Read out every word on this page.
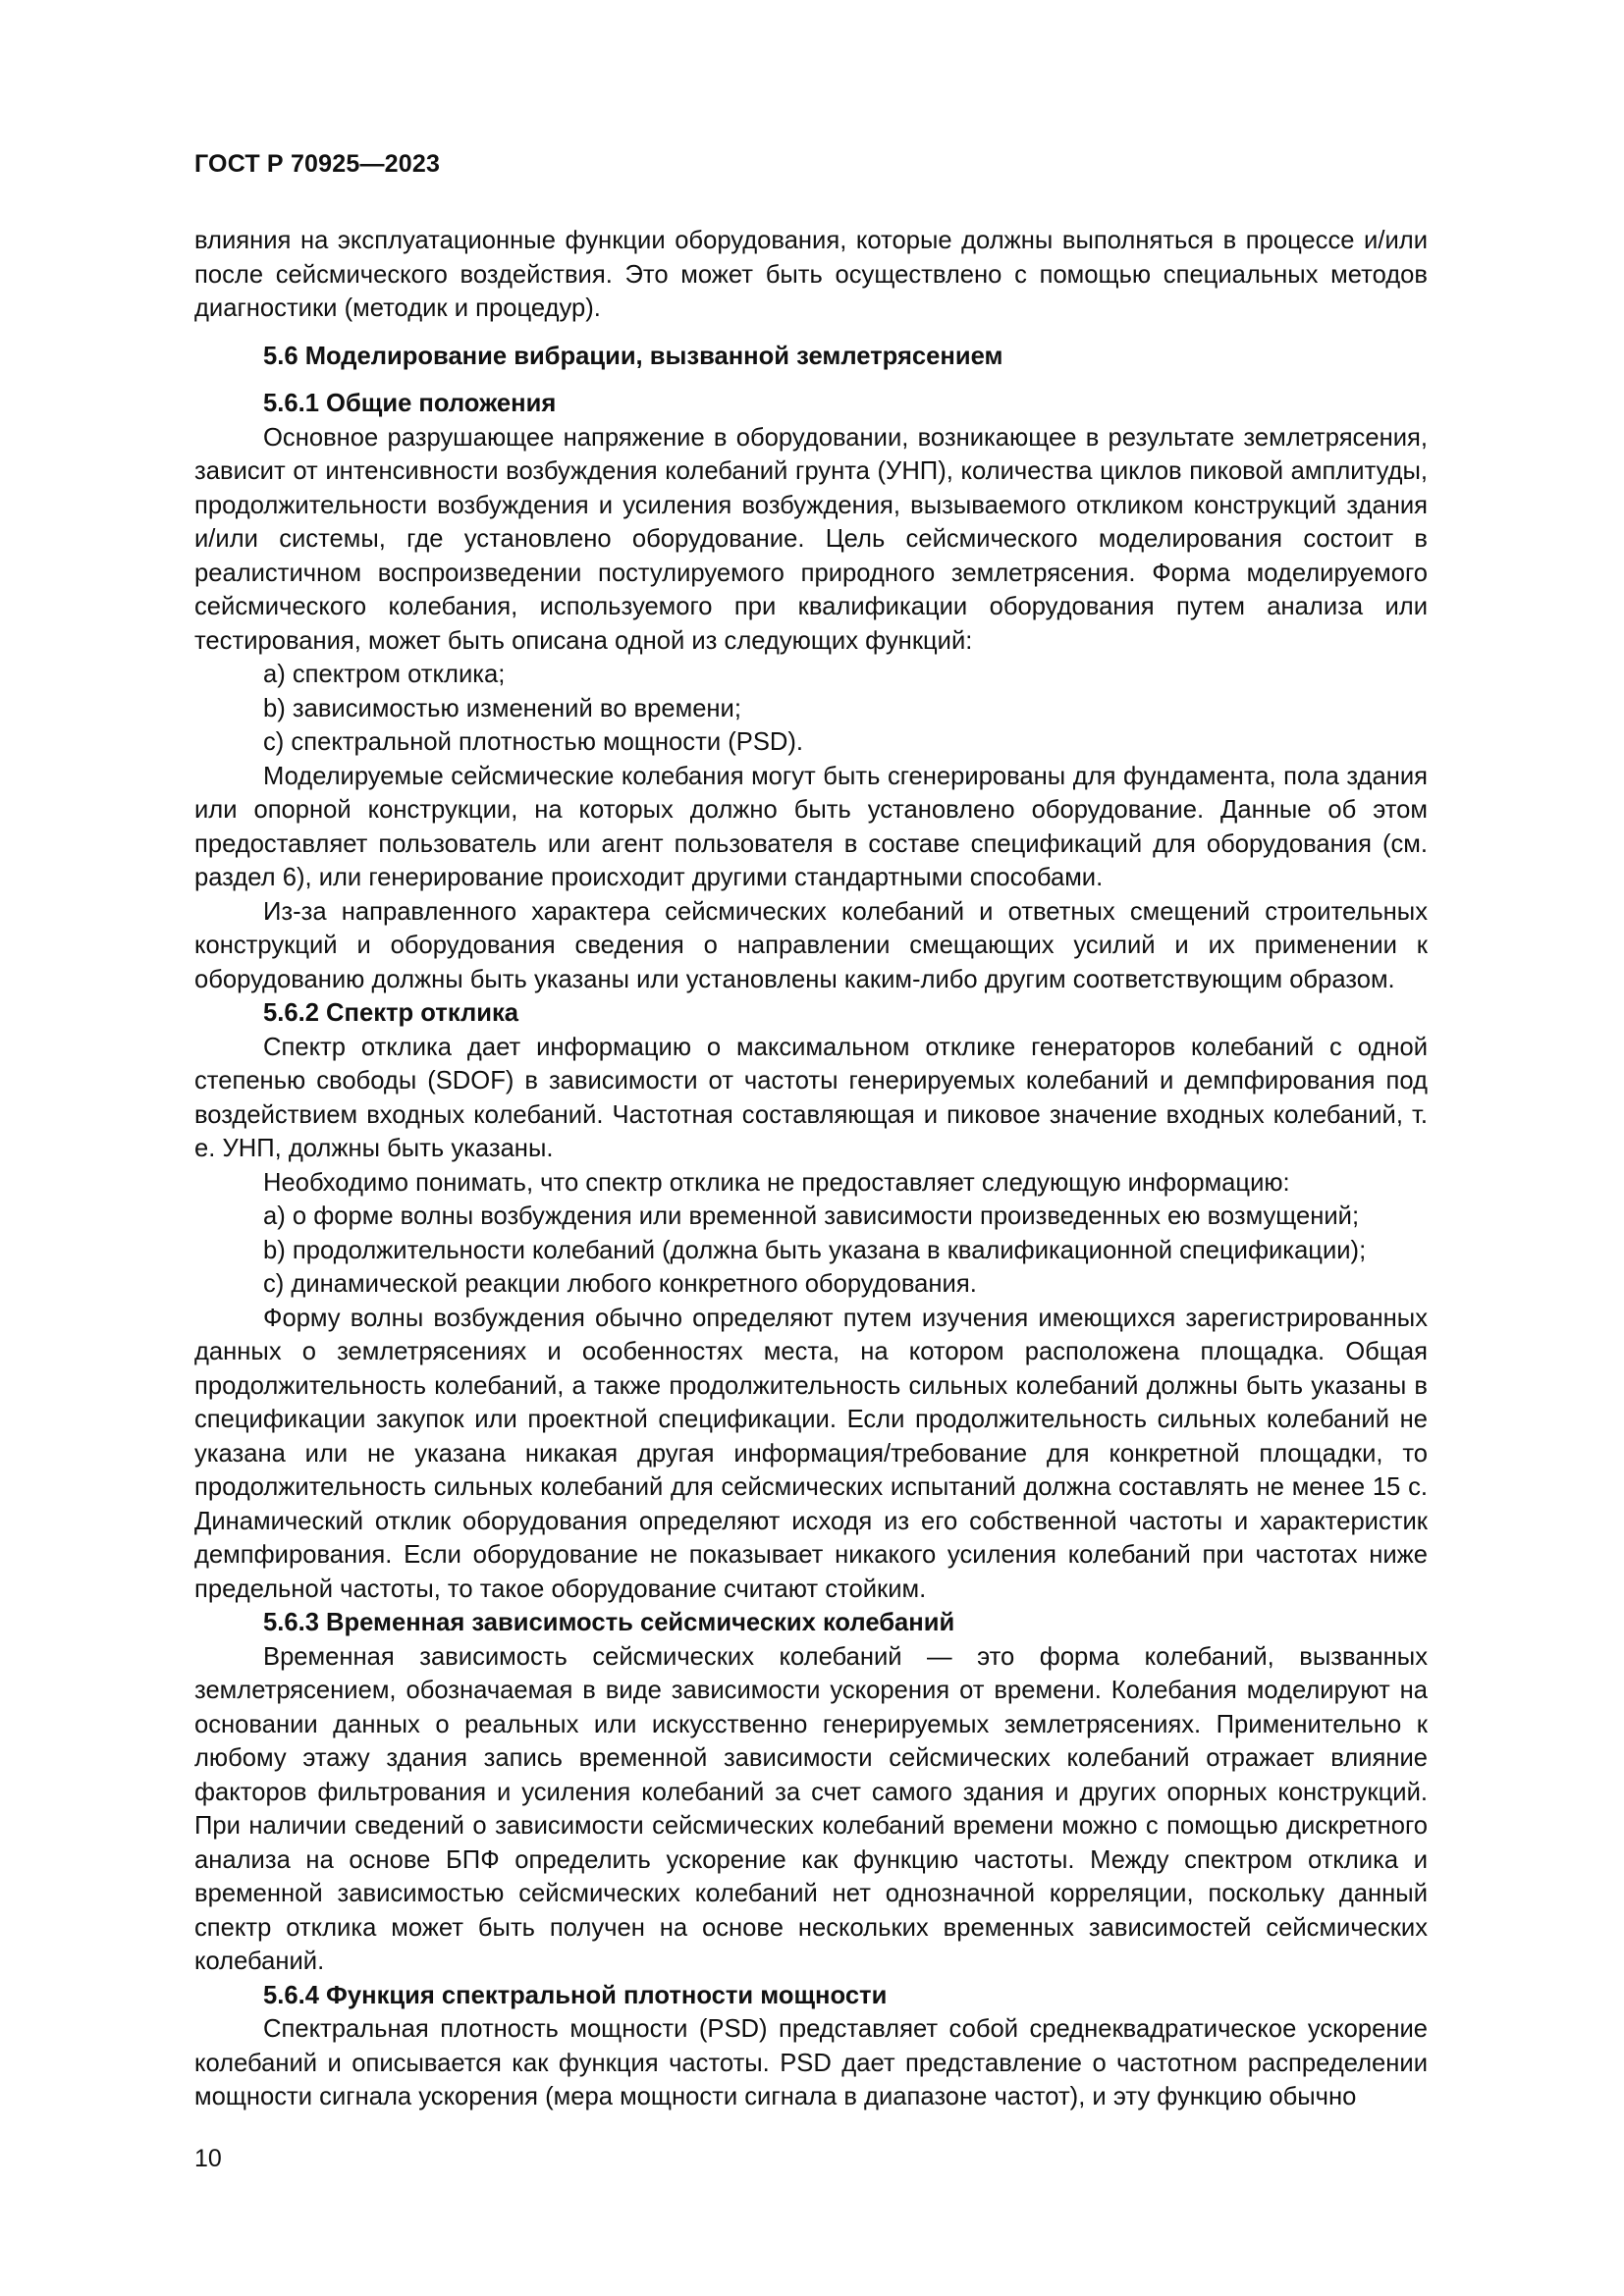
ГОСТ Р 70925—2023

влияния на эксплуатационные функции оборудования, которые должны выполняться в процессе и/или после сейсмического воздействия. Это может быть осуществлено с помощью специальных методов диагностики (методик и процедур).

5.6 Моделирование вибрации, вызванной землетрясением

5.6.1 Общие положения

Основное разрушающее напряжение в оборудовании, возникающее в результате землетрясения, зависит от интенсивности возбуждения колебаний грунта (УНП), количества циклов пиковой амплитуды, продолжительности возбуждения и усиления возбуждения, вызываемого откликом конструкций здания и/или системы, где установлено оборудование. Цель сейсмического моделирования состоит в реалистичном воспроизведении постулируемого природного землетрясения. Форма моделируемого сейсмического колебания, используемого при квалификации оборудования путем анализа или тестирования, может быть описана одной из следующих функций:

a) спектром отклика;

b) зависимостью изменений во времени;

c) спектральной плотностью мощности (PSD).

Моделируемые сейсмические колебания могут быть сгенерированы для фундамента, пола здания или опорной конструкции, на которых должно быть установлено оборудование. Данные об этом предоставляет пользователь или агент пользователя в составе спецификаций для оборудования (см. раздел 6), или генерирование происходит другими стандартными способами.

Из-за направленного характера сейсмических колебаний и ответных смещений строительных конструкций и оборудования сведения о направлении смещающих усилий и их применении к оборудованию должны быть указаны или установлены каким-либо другим соответствующим образом.

5.6.2 Спектр отклика

Спектр отклика дает информацию о максимальном отклике генераторов колебаний с одной степенью свободы (SDOF) в зависимости от частоты генерируемых колебаний и демпфирования под воздействием входных колебаний. Частотная составляющая и пиковое значение входных колебаний, т. е. УНП, должны быть указаны.

Необходимо понимать, что спектр отклика не предоставляет следующую информацию:

a) о форме волны возбуждения или временной зависимости произведенных ею возмущений;

b) продолжительности колебаний (должна быть указана в квалификационной спецификации);

c) динамической реакции любого конкретного оборудования.

Форму волны возбуждения обычно определяют путем изучения имеющихся зарегистрированных данных о землетрясениях и особенностях места, на котором расположена площадка. Общая продолжительность колебаний, а также продолжительность сильных колебаний должны быть указаны в спецификации закупок или проектной спецификации. Если продолжительность сильных колебаний не указана или не указана никакая другая информация/требование для конкретной площадки, то продолжительность сильных колебаний для сейсмических испытаний должна составлять не менее 15 с. Динамический отклик оборудования определяют исходя из его собственной частоты и характеристик демпфирования. Если оборудование не показывает никакого усиления колебаний при частотах ниже предельной частоты, то такое оборудование считают стойким.

5.6.3 Временная зависимость сейсмических колебаний

Временная зависимость сейсмических колебаний — это форма колебаний, вызванных землетрясением, обозначаемая в виде зависимости ускорения от времени. Колебания моделируют на основании данных о реальных или искусственно генерируемых землетрясениях. Применительно к любому этажу здания запись временной зависимости сейсмических колебаний отражает влияние факторов фильтрования и усиления колебаний за счет самого здания и других опорных конструкций. При наличии сведений о зависимости сейсмических колебаний времени можно с помощью дискретного анализа на основе БПФ определить ускорение как функцию частоты. Между спектром отклика и временной зависимостью сейсмических колебаний нет однозначной корреляции, поскольку данный спектр отклика может быть получен на основе нескольких временных зависимостей сейсмических колебаний.

5.6.4 Функция спектральной плотности мощности

Спектральная плотность мощности (PSD) представляет собой среднеквадратическое ускорение колебаний и описывается как функция частоты. PSD дает представление о частотном распределении мощности сигнала ускорения (мера мощности сигнала в диапазоне частот), и эту функцию обычно

10
